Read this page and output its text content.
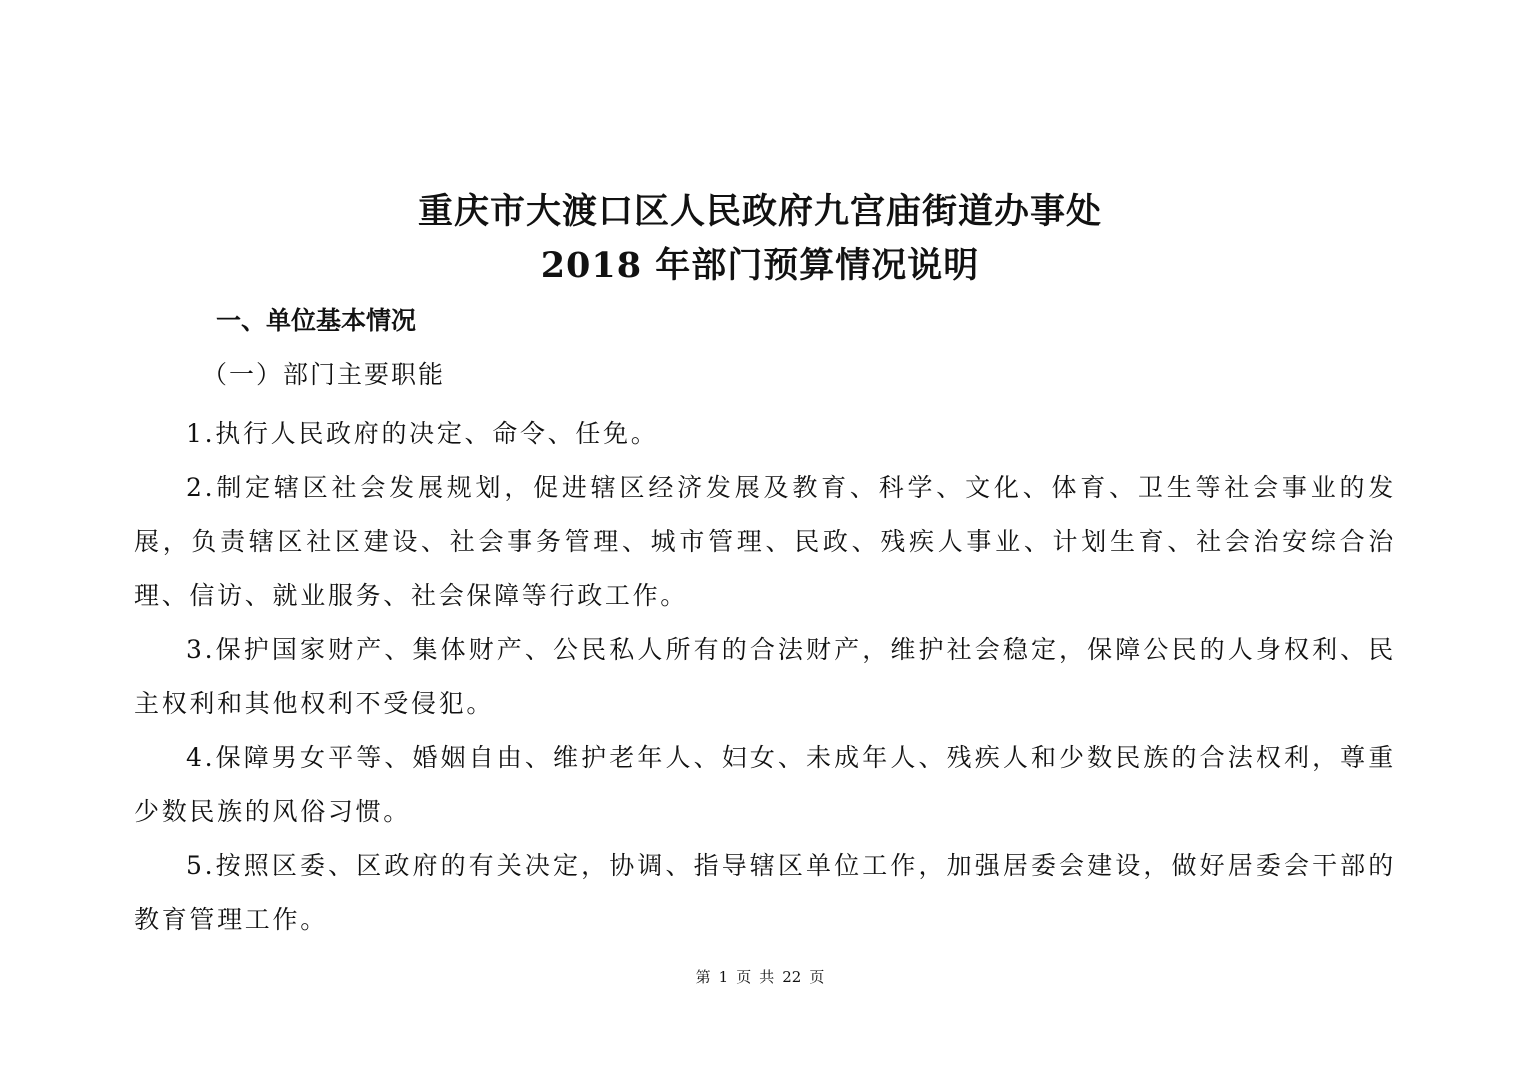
重庆市大渡口区人民政府九宫庙街道办事处
2018 年部门预算情况说明
一、单位基本情况
（一）部门主要职能

1.执行人民政府的决定、命令、任免。

2.制定辖区社会发展规划，促进辖区经济发展及教育、科学、文化、体育、卫生等社会事业的发展，负责辖区社区建设、社会事务管理、城市管理、民政、残疾人事业、计划生育、社会治安综合治理、信访、就业服务、社会保障等行政工作。

3.保护国家财产、集体财产、公民私人所有的合法财产，维护社会稳定，保障公民的人身权利、民主权利和其他权利不受侵犯。

4.保障男女平等、婚姻自由、维护老年人、妇女、未成年人、残疾人和少数民族的合法权利，尊重少数民族的风俗习惯。

5.按照区委、区政府的有关决定，协调、指导辖区单位工作，加强居委会建设，做好居委会干部的教育管理工作。

第 1 页 共 22 页
